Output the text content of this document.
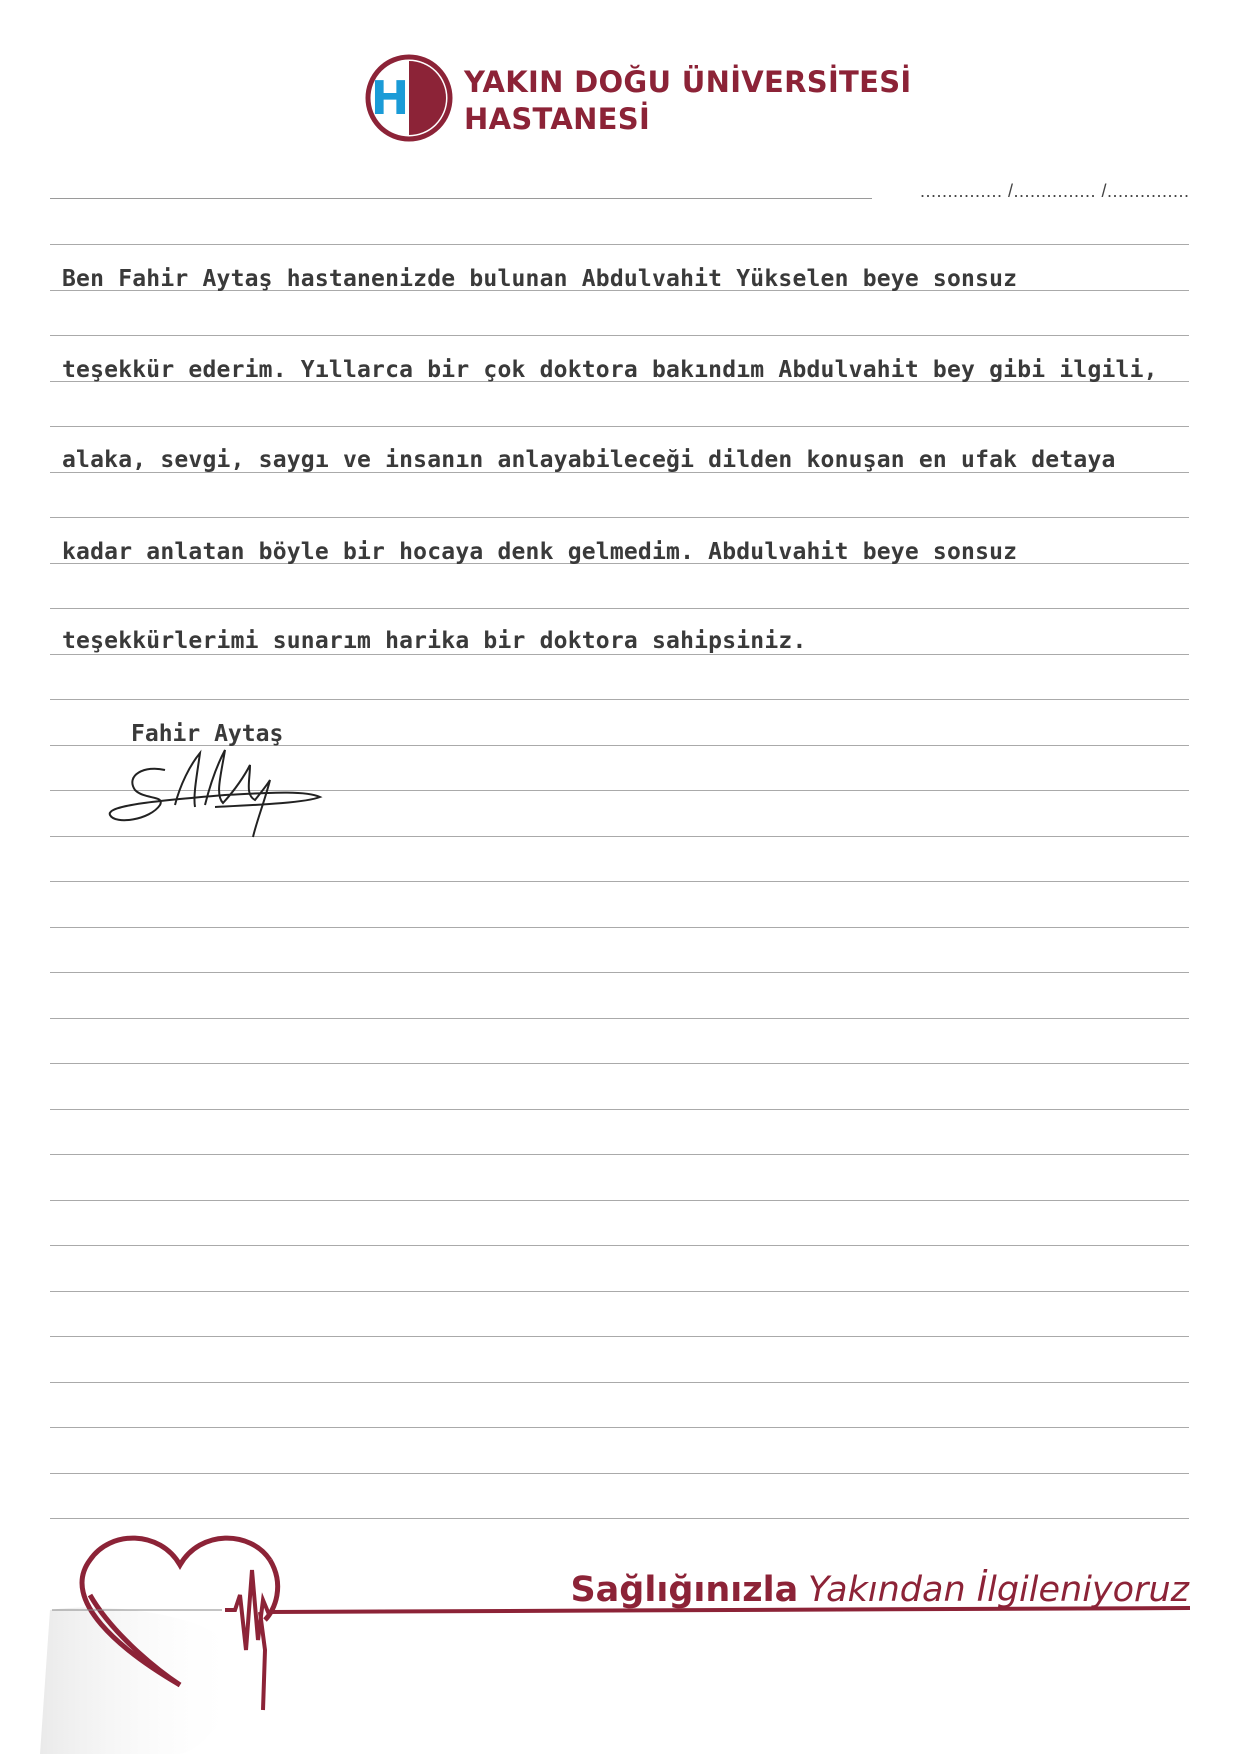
H YAKIN DOĞU ÜNİVERSİTESİ
HASTANESİ
............... /............... /...............
Ben Fahir Aytaş hastanenizde bulunan Abdulvahit Yükselen beye sonsuz
teşekkür ederim. Yıllarca bir çok doktora bakındım Abdulvahit bey gibi ilgili,
alaka, sevgi, saygı ve insanın anlayabileceği dilden konuşan en ufak detaya
kadar anlatan böyle bir hocaya denk gelmedim. Abdulvahit beye sonsuz
teşekkürlerimi sunarım harika bir doktora sahipsiniz.
Fahir Aytaş
Sağlığınızla Yakından İlgileniyoruz
